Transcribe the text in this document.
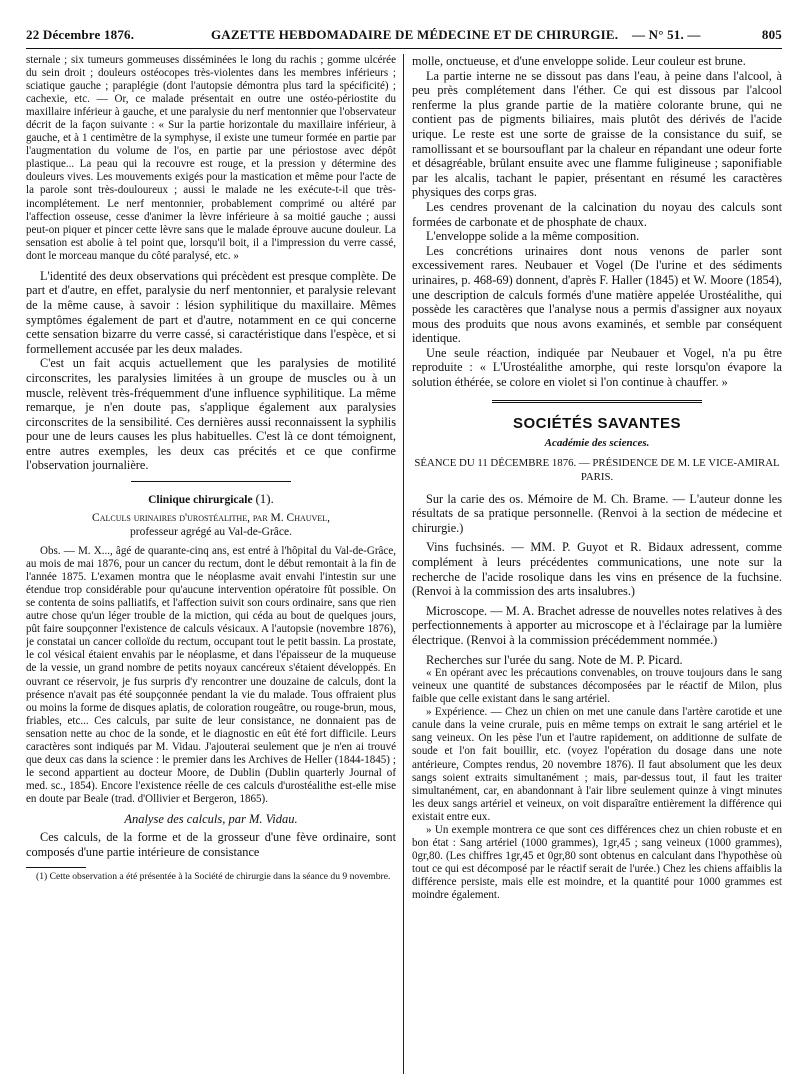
22 Décembre 1876.	GAZETTE HEBDOMADAIRE DE MÉDECINE ET DE CHIRURGIE. — N° 51. —	805

sternale ; six tumeurs gommeuses disséminées le long du rachis ; gomme ulcérée du sein droit ; douleurs ostéocopes très-violentes dans les membres inférieurs ; sciatique gauche ; paraplégie (dont l'autopsie démontra plus tard la spécificité) ; cachexie, etc. — Or, ce malade présentait en outre une ostéo-périostite du maxillaire inférieur à gauche, et une paralysie du nerf mentonnier que l'observateur décrit de la façon suivante : « Sur la partie horizontale du maxillaire inférieur, à gauche, et à 1 centimètre de la symphyse, il existe une tumeur formée en partie par l'augmentation du volume de l'os, en partie par une périostose avec dépôt plastique... La peau qui la recouvre est rouge, et la pression y détermine des douleurs vives. Les mouvements exigés pour la mastication et même pour l'acte de la parole sont très-douloureux ; aussi le malade ne les exécute-t-il que très-incomplétement. Le nerf mentonnier, probablement comprimé ou altéré par l'affection osseuse, cesse d'animer la lèvre inférieure à sa moitié gauche ; aussi peut-on piquer et pincer cette lèvre sans que le malade éprouve aucune douleur. La sensation est abolie à tel point que, lorsqu'il boit, il a l'impression du verre cassé, dont le morceau manque du côté paralysé, etc. »

L'identité des deux observations qui précèdent est presque complète. De part et d'autre, en effet, paralysie du nerf mentonnier, et paralysie relevant de la même cause, à savoir : lésion syphilitique du maxillaire. Mêmes symptômes également de part et d'autre, notamment en ce qui concerne cette sensation bizarre du verre cassé, si caractéristique dans l'espèce, et si formellement accusée par les deux malades.

C'est un fait acquis actuellement que les paralysies de motilité circonscrites, les paralysies limitées à un groupe de muscles ou à un muscle, relèvent très-fréquemment d'une influence syphilitique. La même remarque, je n'en doute pas, s'applique également aux paralysies circonscrites de la sensibilité. Ces dernières aussi reconnaissent la syphilis pour une de leurs causes les plus habituelles. C'est là ce dont témoignent, entre autres exemples, les deux cas précités et ce que confirme l'observation journalière.

Clinique chirurgicale (1).
Calculs urinaires d'urostéalithe, par M. Chauvel,
professeur agrégé au Val-de-Grâce.

Obs. — M. X..., âgé de quarante-cinq ans, est entré à l'hôpital du Val-de-Grâce, au mois de mai 1876, pour un cancer du rectum, dont le début remontait à la fin de l'année 1875. L'examen montra que le néoplasme avait envahi l'intestin sur une étendue trop considérable pour qu'aucune intervention opératoire fût possible. On se contenta de soins palliatifs, et l'affection suivit son cours ordinaire, sans que rien autre chose qu'un léger trouble de la miction, qui céda au bout de quelques jours, pût faire soupçonner l'existence de calculs vésicaux. A l'autopsie (novembre 1876), je constatai un cancer colloïde du rectum, occupant tout le petit bassin. La prostate, le col vésical étaient envahis par le néoplasme, et dans l'épaisseur de la muqueuse de la vessie, un grand nombre de petits noyaux cancéreux s'étaient développés. En ouvrant ce réservoir, je fus surpris d'y rencontrer une douzaine de calculs, dont la présence n'avait pas été soupçonnée pendant la vie du malade. Tous offraient plus ou moins la forme de disques aplatis, de coloration rougeâtre, ou rouge-brun, mous, friables, etc... Ces calculs, par suite de leur consistance, ne donnaient pas de sensation nette au choc de la sonde, et le diagnostic en eût été fort difficile. Leurs caractères sont indiqués par M. Vidau. J'ajouterai seulement que je n'en ai trouvé que deux cas dans la science : le premier dans les Archives de Heller (1844-1845) ; le second appartient au docteur Moore, de Dublin (Dublin quarterly Journal of med. sc., 1854). Encore l'existence réelle de ces calculs d'urostéalithe est-elle mise en doute par Beale (trad. d'Ollivier et Bergeron, 1865).

Analyse des calculs, par M. Vidau.

Ces calculs, de la forme et de la grosseur d'une fève ordinaire, sont composés d'une partie intérieure de consistance

(1) Cette observation a été présentée à la Société de chirurgie dans la séance du 9 novembre.

molle, onctueuse, et d'une enveloppe solide. Leur couleur est brune.

La partie interne ne se dissout pas dans l'eau, à peine dans l'alcool, à peu près complétement dans l'éther. Ce qui est dissous par l'alcool renferme la plus grande partie de la matière colorante brune, qui ne contient pas de pigments biliaires, mais plutôt des dérivés de l'acide urique. Le reste est une sorte de graisse de la consistance du suif, se ramollissant et se boursouflant par la chaleur en répandant une odeur forte et désagréable, brûlant ensuite avec une flamme fuligineuse ; saponifiable par les alcalis, tachant le papier, présentant en résumé les caractères physiques des corps gras.

Les cendres provenant de la calcination du noyau des calculs sont formées de carbonate et de phosphate de chaux.

L'enveloppe solide a la même composition.

Les concrétions urinaires dont nous venons de parler sont excessivement rares. Neubauer et Vogel (De l'urine et des sédiments urinaires, p. 468-69) donnent, d'après F. Haller (1845) et W. Moore (1854), une description de calculs formés d'une matière appelée Urostéalithe, qui possède les caractères que l'analyse nous a permis d'assigner aux noyaux mous des produits que nous avons examinés, et semble par conséquent identique.

Une seule réaction, indiquée par Neubauer et Vogel, n'a pu être reproduite : « L'Urostéalithe amorphe, qui reste lorsqu'on évapore la solution éthérée, se colore en violet si l'on continue à chauffer. »

SOCIÉTÉS SAVANTES
Académie des sciences.
SÉANCE DU 11 DÉCEMBRE 1876. — PRÉSIDENCE DE M. LE VICE-AMIRAL PARIS.

Sur la carie des os. Mémoire de M. Ch. Brame. — L'auteur donne les résultats de sa pratique personnelle. (Renvoi à la section de médecine et chirurgie.)

Vins fuchsinés. — MM. P. Guyot et R. Bidaux adressent, comme complément à leurs précédentes communications, une note sur la recherche de l'acide rosolique dans les vins en présence de la fuchsine. (Renvoi à la commission des arts insalubres.)

Microscope. — M. A. Brachet adresse de nouvelles notes relatives à des perfectionnements à apporter au microscope et à l'éclairage par la lumière électrique. (Renvoi à la commission précédemment nommée.)

Recherches sur l'urée du sang. Note de M. P. Picard.

« En opérant avec les précautions convenables, on trouve toujours dans le sang veineux une quantité de substances décomposées par le réactif de Milon, plus faible que celle existant dans le sang artériel.

» Expérience. — Chez un chien on met une canule dans l'artère carotide et une canule dans la veine crurale, puis en même temps on extrait le sang artériel et le sang veineux. On les pèse l'un et l'autre rapidement, on additionne de sulfate de soude et l'on fait bouillir, etc. (voyez l'opération du dosage dans une note antérieure, Comptes rendus, 20 novembre 1876). Il faut absolument que les deux sangs soient extraits simultanément ; mais, par-dessus tout, il faut les traiter simultanément, car, en abandonnant à l'air libre seulement quinze à vingt minutes les deux sangs artériel et veineux, on voit disparaître entièrement la différence qui existait entre eux.

» Un exemple montrera ce que sont ces différences chez un chien robuste et en bon état : Sang artériel (1000 grammes), 1gr,45 ; sang veineux (1000 grammes), 0gr,80. (Les chiffres 1gr,45 et 0gr,80 sont obtenus en calculant dans l'hypothèse où tout ce qui est décomposé par le réactif serait de l'urée.) Chez les chiens affaiblis la différence persiste, mais elle est moindre, et la quantité pour 1000 grammes est moindre également.
